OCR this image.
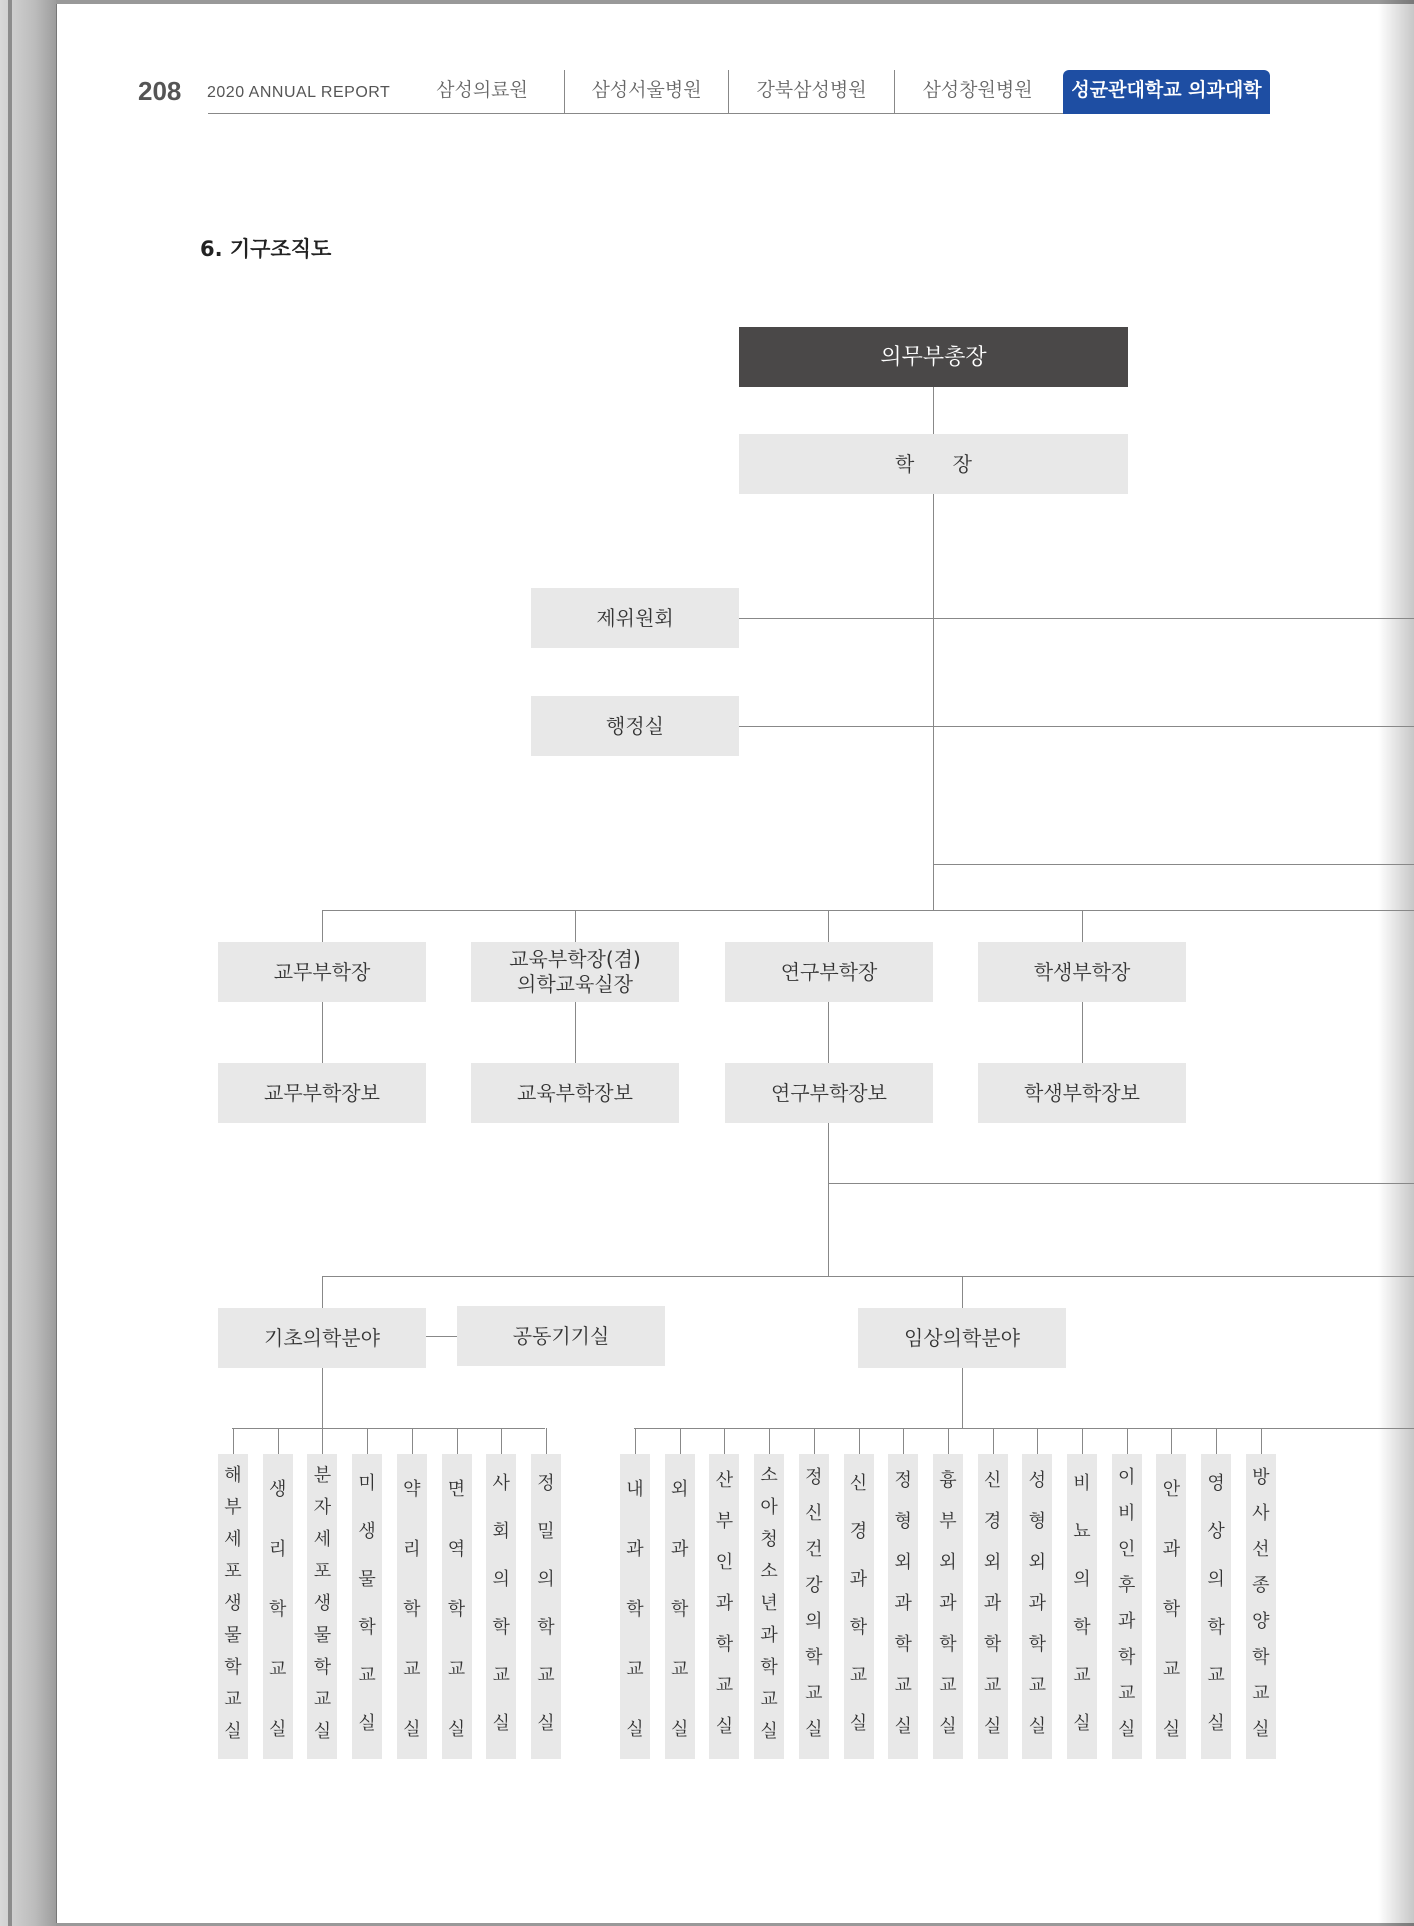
208 2020 ANNUAL REPORT	삼성의료원	삼성서울병원	강북삼성병원	삼성창원병원	성균관대학교 의과대학
6. 기구조직도
의무부총장
학 장
제위원회
행정실
교무부학장
교육부학장(겸)
의학교육실장
연구부학장	학생부학장
교무부학장보	교육부학장보	연구부학장보	학생부학장보
기초의학분야	공동기기실	임상의학분야
해
부
세
포
생
물
학
교
실
생
리
학
교
실
분
자
세
포
생
물
학
교
실
미
생
물
학
교
실
약
리
학
교
실
면
역
학
교
실
사
회
의
학
교
실
정
밀
의
학
교
실
내
과
학
교
실
외
과
학
교
실
산
부
인
과
학
교
실
소
아
청
소
년
과
학
교
실
정
신
건
강
의
학
교
실
신
경
과
학
교
실
정
형
외
과
학
교
실
흉
부
외
과
학
교
실
신
경
외
과
학
교
실
성
형
외
과
학
교
실
비
뇨
의
학
교
실
이
비
인
후
과
학
교
실
안
과
학
교
실
영
상
의
학
교
실
방
사
선
종
양
학
교
실
